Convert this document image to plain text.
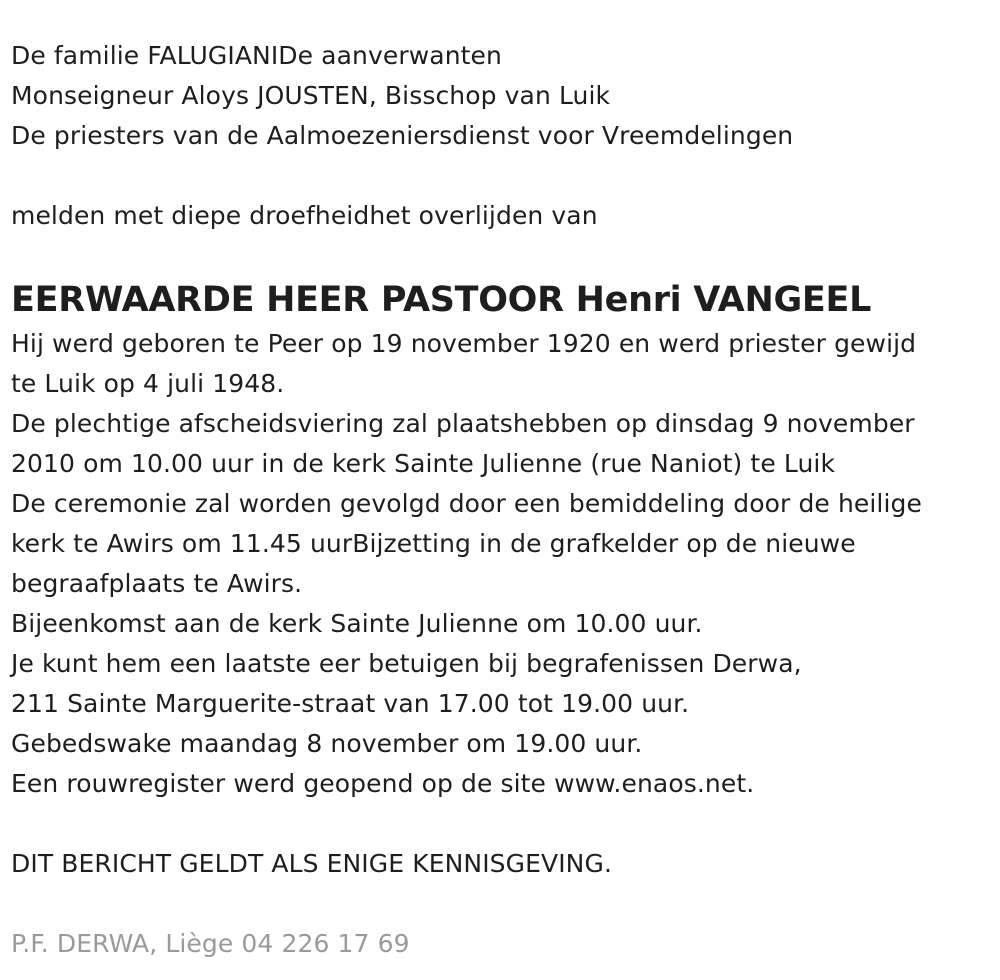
De familie FALUGIANIDe aanverwanten
Monseigneur Aloys JOUSTEN, Bisschop van Luik
De priesters van de Aalmoezeniersdienst voor Vreemdelingen
melden met diepe droefheidhet overlijden van
EERWAARDE HEER PASTOOR Henri VANGEEL
Hij werd geboren te Peer op 19 november 1920 en werd priester gewijd
te Luik op 4 juli 1948.
De plechtige afscheidsviering zal plaatshebben op dinsdag 9 november
2010 om 10.00 uur in de kerk Sainte Julienne (rue Naniot) te Luik
De ceremonie zal worden gevolgd door een bemiddeling door de heilige
kerk te Awirs om 11.45 uurBijzetting in de grafkelder op de nieuwe
begraafplaats te Awirs.
Bijeenkomst aan de kerk Sainte Julienne om 10.00 uur.
Je kunt hem een laatste eer betuigen bij begrafenissen Derwa,
211 Sainte Marguerite-straat van 17.00 tot 19.00 uur.
Gebedswake maandag 8 november om 19.00 uur.
Een rouwregister werd geopend op de site www.enaos.net.
DIT BERICHT GELDT ALS ENIGE KENNISGEVING.
P.F. DERWA, Liège 04 226 17 69
